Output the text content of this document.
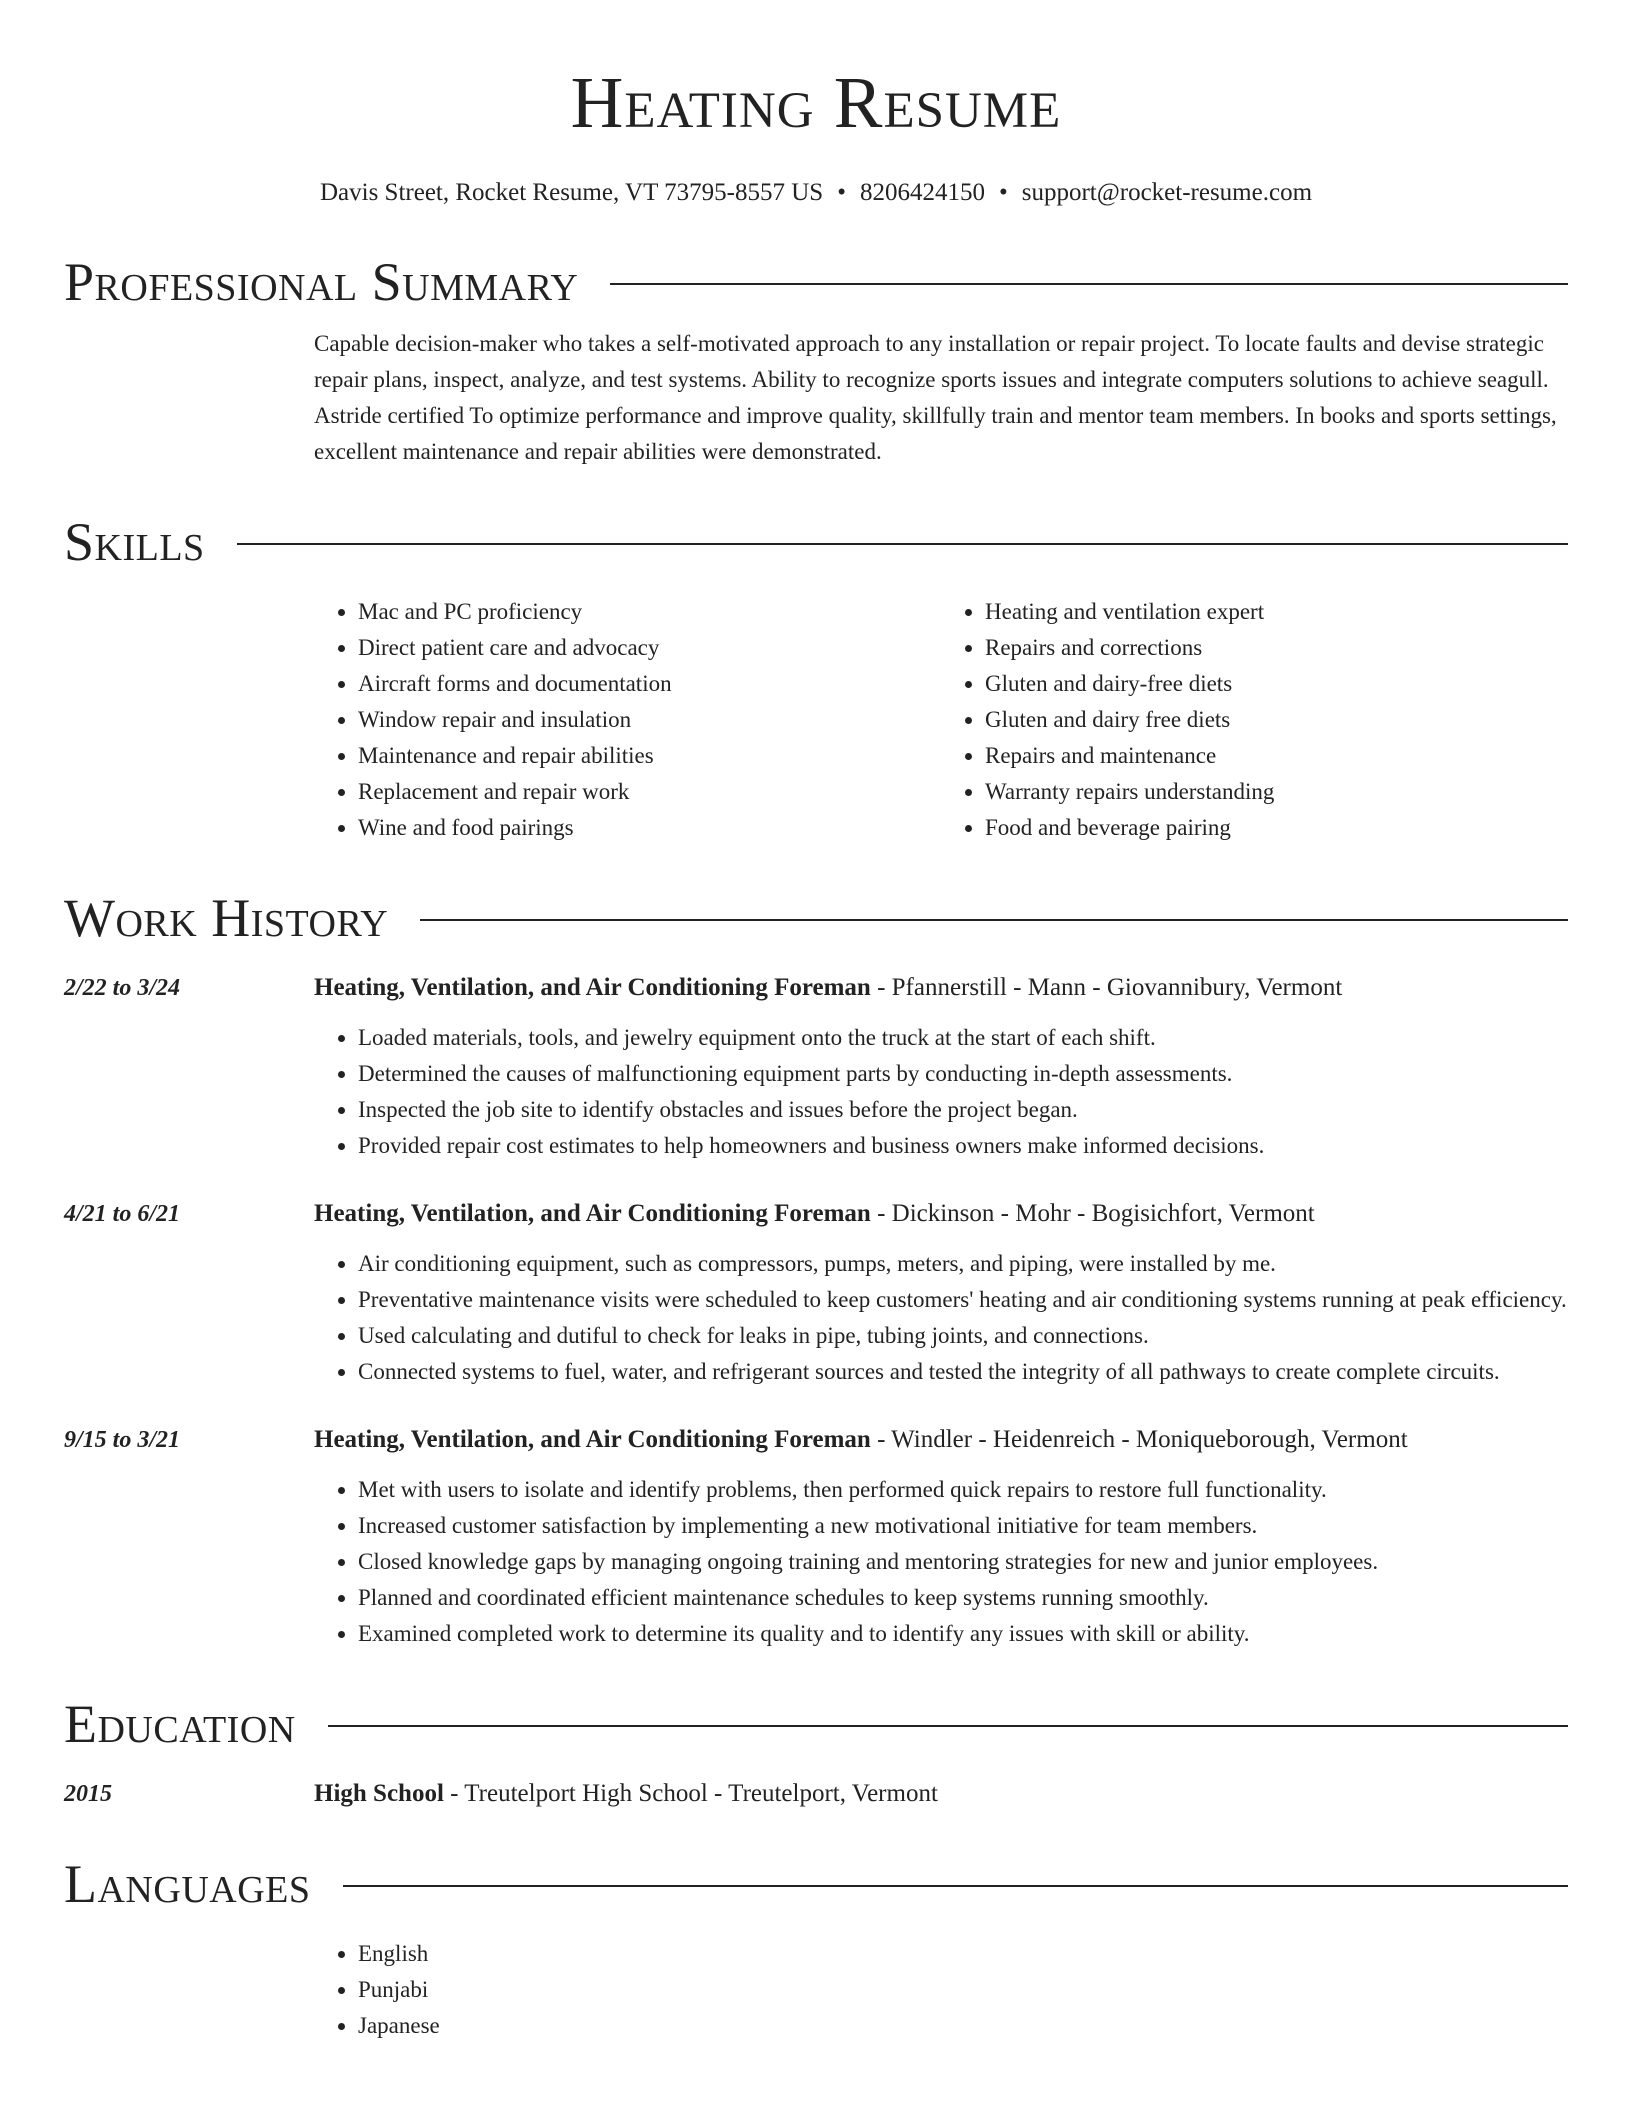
Heating Resume
Davis Street, Rocket Resume, VT 73795-8557 US • 8206424150 • support@rocket-resume.com
Professional Summary
Capable decision-maker who takes a self-motivated approach to any installation or repair project. To locate faults and devise strategic repair plans, inspect, analyze, and test systems. Ability to recognize sports issues and integrate computers solutions to achieve seagull. Astride certified To optimize performance and improve quality, skillfully train and mentor team members. In books and sports settings, excellent maintenance and repair abilities were demonstrated.
Skills
• Mac and PC proficiency
• Direct patient care and advocacy
• Aircraft forms and documentation
• Window repair and insulation
• Maintenance and repair abilities
• Replacement and repair work
• Wine and food pairings
• Heating and ventilation expert
• Repairs and corrections
• Gluten and dairy-free diets
• Gluten and dairy free diets
• Repairs and maintenance
• Warranty repairs understanding
• Food and beverage pairing
Work History
2/22 to 3/24	Heating, Ventilation, and Air Conditioning Foreman - Pfannerstill - Mann - Giovannibury, Vermont
• Loaded materials, tools, and jewelry equipment onto the truck at the start of each shift.
• Determined the causes of malfunctioning equipment parts by conducting in-depth assessments.
• Inspected the job site to identify obstacles and issues before the project began.
• Provided repair cost estimates to help homeowners and business owners make informed decisions.
4/21 to 6/21	Heating, Ventilation, and Air Conditioning Foreman - Dickinson - Mohr - Bogisichfort, Vermont
• Air conditioning equipment, such as compressors, pumps, meters, and piping, were installed by me.
• Preventative maintenance visits were scheduled to keep customers' heating and air conditioning systems running at peak efficiency.
• Used calculating and dutiful to check for leaks in pipe, tubing joints, and connections.
• Connected systems to fuel, water, and refrigerant sources and tested the integrity of all pathways to create complete circuits.
9/15 to 3/21	Heating, Ventilation, and Air Conditioning Foreman - Windler - Heidenreich - Moniqueborough, Vermont
• Met with users to isolate and identify problems, then performed quick repairs to restore full functionality.
• Increased customer satisfaction by implementing a new motivational initiative for team members.
• Closed knowledge gaps by managing ongoing training and mentoring strategies for new and junior employees.
• Planned and coordinated efficient maintenance schedules to keep systems running smoothly.
• Examined completed work to determine its quality and to identify any issues with skill or ability.
Education
2015	High School - Treutelport High School - Treutelport, Vermont
Languages
• English
• Punjabi
• Japanese
